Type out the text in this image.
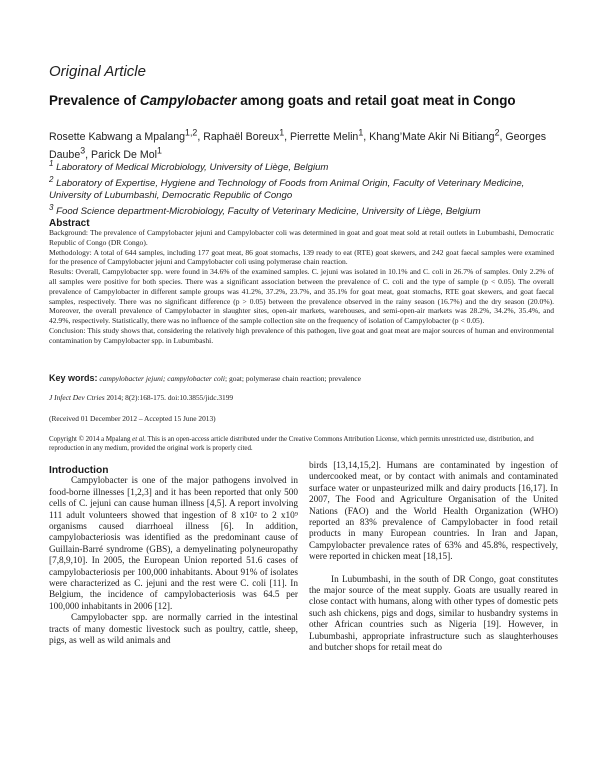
Original Article
Prevalence of Campylobacter among goats and retail goat meat in Congo
Rosette Kabwang a Mpalang$^{1,2}$, Raphaël Boreux$^1$, Pierrette Melin$^1$, Khang’Mate Akir Ni Bitiang$^2$, Georges Daube$^3$, Parick De Mol$^1$

$^1$ Laboratory of Medical Microbiology, University of Liège, Belgium

$^2$ Laboratory of Expertise, Hygiene and Technology of Foods from Animal Origin, Faculty of Veterinary Medicine, University of Lubumbashi, Democratic Republic of Congo

$^3$ Food Science department-Microbiology, Faculty of Veterinary Medicine, University of Liège, Belgium

Abstract

Background: The prevalence of Campylobacter jejuni and Campylobacter coli was determined in goat and goat meat sold at retail outlets in Lubumbashi, Democratic Republic of Congo (DR Congo).

Methodology: A total of 644 samples, including 177 goat meat, 86 goat stomachs, 139 ready to eat (RTE) goat skewers, and 242 goat faecal samples were examined for the presence of Campylobacter jejuni and Campylobacter coli using polymerase chain reaction.

Results: Overall, Campylobacter spp. were found in 34.6% of the examined samples. C. jejuni was isolated in 10.1% and C. coli in 26.7% of samples. Only 2.2% of all samples were positive for both species. There was a significant association between the prevalence of C. coli and the type of sample (p < 0.05). The overall prevalence of Campylobacter in different sample groups was 41.2%, 37.2%, 23.7%, and 35.1% for goat meat, goat stomachs, RTE goat skewers, and goat faecal samples, respectively. There was no significant difference (p > 0.05) between the prevalence observed in the rainy season (16.7%) and the dry season (20.0%). Moreover, the overall prevalence of Campylobacter in slaughter sites, open-air markets, warehouses, and semi-open-air markets was 28.2%, 34.2%, 35.4%, and 42.9%, respectively. Statistically, there was no influence of the sample collection site on the frequency of isolation of Campylobacter (p < 0.05).

Conclusion: This study shows that, considering the relatively high prevalence of this pathogen, live goat and goat meat are major sources of human and environmental contamination by Campylobacter spp. in Lubumbashi.

Key words: campylobacter jejuni; campylobacter coli; goat; polymerase chain reaction; prevalence
J Infect Dev Ctries 2014; 8(2):168-175. doi:10.3855/jidc.3199
(Received 01 December 2012 – Accepted 15 June 2013)
Copyright © 2014 a Mpalang et al. This is an open-access article distributed under the Creative Commons Attribution License, which permits unrestricted use, distribution, and reproduction in any medium, provided the original work is properly cited.

Introduction

Campylobacter is one of the major pathogens involved in food-borne illnesses [1,2,3] and it has been reported that only 500 cells of C. jejuni can cause human illness [4,5]. A report involving 111 adult volunteers showed that ingestion of 8 x10² to 2 x10⁹ organisms caused diarrhoeal illness [6]. In addition, campylobacteriosis was identified as the predominant cause of Guillain-Barré syndrome (GBS), a demyelinating polyneuropathy [7,8,9,10]. In 2005, the European Union reported 51.6 cases of campylobacteriosis per 100,000 inhabitants. About 91% of isolates were characterized as C. jejuni and the rest were C. coli [11]. In Belgium, the incidence of campylobacteriosis was 64.5 per 100,000 inhabitants in 2006 [12].

Campylobacter spp. are normally carried in the intestinal tracts of many domestic livestock such as poultry, cattle, sheep, pigs, as well as wild animals and

birds [13,14,15,2]. Humans are contaminated by ingestion of undercooked meat, or by contact with animals and contaminated surface water or unpasteurized milk and dairy products [16,17]. In 2007, The Food and Agriculture Organisation of the United Nations (FAO) and the World Health Organization (WHO) reported an 83% prevalence of Campylobacter in food retail products in many European countries. In Iran and Japan, Campylobacter prevalence rates of 63% and 45.8%, respectively, were reported in chicken meat [18,15].

In Lubumbashi, in the south of DR Congo, goat constitutes the major source of the meat supply. Goats are usually reared in close contact with humans, along with other types of domestic pets such ash chickens, pigs and dogs, similar to husbandry systems in other African countries such as Nigeria [19]. However, in Lubumbashi, appropriate infrastructure such as slaughterhouses and butcher shops for retail meat do
